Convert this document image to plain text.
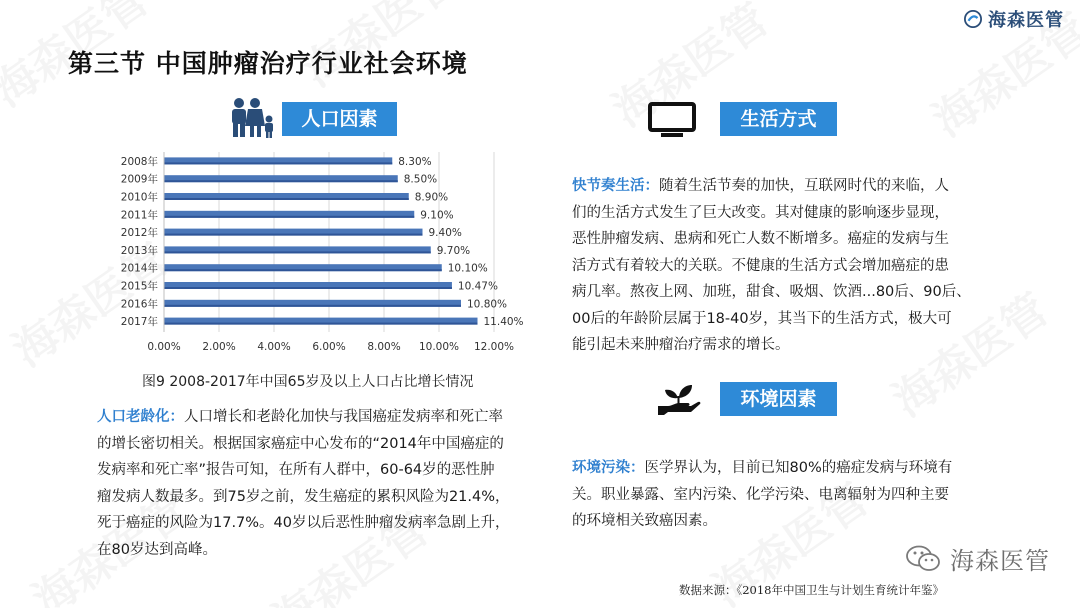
海森医管
第三节 中国肿瘤治疗行业社会环境
人口因素	生活方式
环境因素
0.00% 2.00% 4.00% 6.00% 8.00% 10.00% 12.00%
2008年	8.30%
2009年	8.50%
2010年	8.90%
2011年	9.10%
2012年	9.40%
2013年	9.70%
2014年	10.10%
2015年	10.47%
2016年	10.80%
2017年	11.40%
图9 2008-2017年中国65岁及以上人口占比增长情况
人口老龄化：人口增长和老龄化加快与我国癌症发病率和死亡率
的增长密切相关。根据国家癌症中心发布的“2014年中国癌症的
发病率和死亡率”报告可知，在所有人群中，60-64岁的恶性肿
瘤发病人数最多。到75岁之前，发生癌症的累积风险为21.4%，
死于癌症的风险为17.7%。40岁以后恶性肿瘤发病率急剧上升，
在80岁达到高峰。
快节奏生活：随着生活节奏的加快，互联网时代的来临，人
们的生活方式发生了巨大改变。其对健康的影响逐步显现，
恶性肿瘤发病、患病和死亡人数不断增多。癌症的发病与生
活方式有着较大的关联。不健康的生活方式会增加癌症的患
病几率。熬夜上网、加班，甜食、吸烟、饮酒...80后、90后、
00后的年龄阶层属于18-40岁，其当下的生活方式，极大可
能引起未来肿瘤治疗需求的增长。
环境污染：医学界认为，目前已知80%的癌症发病与环境有
关。职业暴露、室内污染、化学污染、电离辐射为四种主要
的环境相关致癌因素。
海森医管
数据来源：《2018年中国卫生与计划生育统计年鉴》
